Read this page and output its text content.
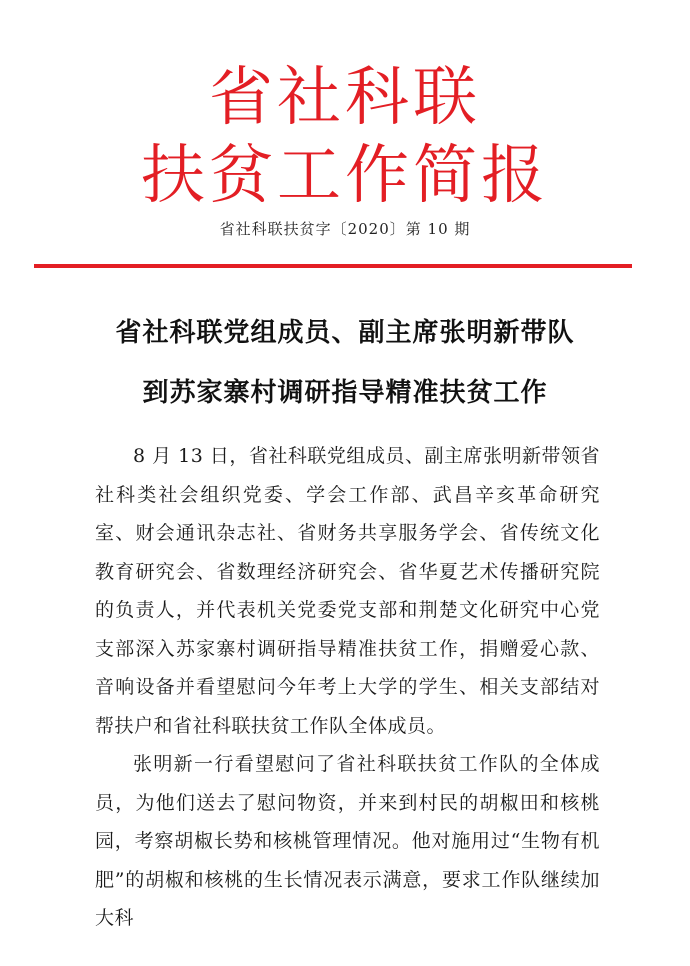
省社科联
扶贫工作简报
省社科联扶贫字〔2020〕第 10 期
省社科联党组成员、副主席张明新带队
到苏家寨村调研指导精准扶贫工作
8 月 13 日，省社科联党组成员、副主席张明新带领省社科类社会组织党委、学会工作部、武昌辛亥革命研究室、财会通讯杂志社、省财务共享服务学会、省传统文化教育研究会、省数理经济研究会、省华夏艺术传播研究院的负责人，并代表机关党委党支部和荆楚文化研究中心党支部深入苏家寨村调研指导精准扶贫工作，捐赠爱心款、音响设备并看望慰问今年考上大学的学生、相关支部结对帮扶户和省社科联扶贫工作队全体成员。
张明新一行看望慰问了省社科联扶贫工作队的全体成员，为他们送去了慰问物资，并来到村民的胡椒田和核桃园，考察胡椒长势和核桃管理情况。他对施用过“生物有机肥”的胡椒和核桃的生长情况表示满意，要求工作队继续加大科
